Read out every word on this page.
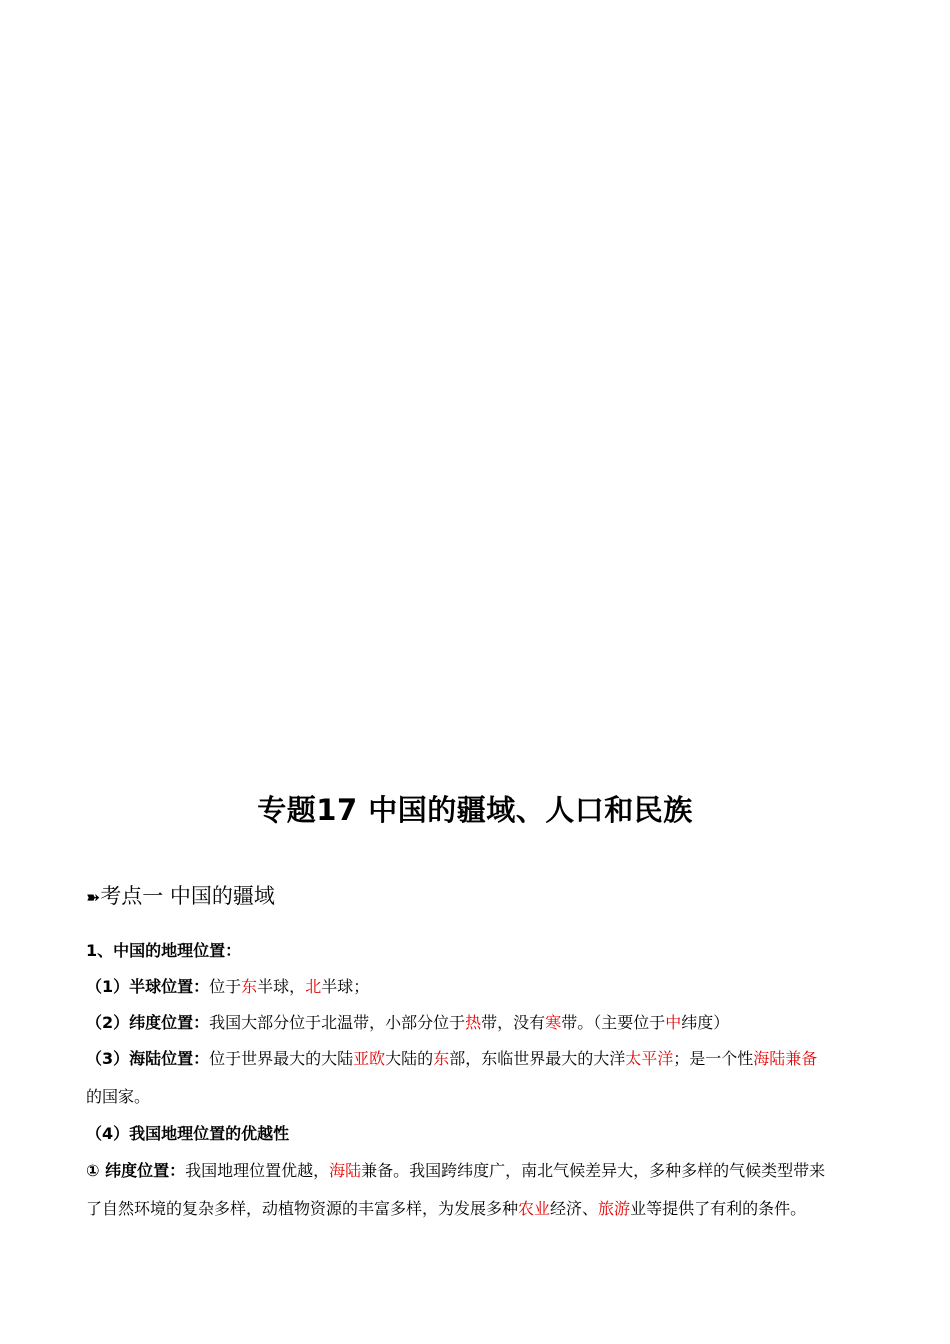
专题17 中国的疆域、人口和民族
➽考点一 中国的疆域
1、中国的地理位置：
（1）半球位置：位于东半球，北半球；
（2）纬度位置：我国大部分位于北温带，小部分位于热带，没有寒带。（主要位于中纬度）
（3）海陆位置：位于世界最大的大陆亚欧大陆的东部，东临世界最大的大洋太平洋；是一个性海陆兼备
的国家。
（4）我国地理位置的优越性
① 纬度位置：我国地理位置优越，海陆兼备。我国跨纬度广，南北气候差异大，多种多样的气候类型带来
了自然环境的复杂多样，动植物资源的丰富多样，为发展多种农业经济、旅游业等提供了有利的条件。
